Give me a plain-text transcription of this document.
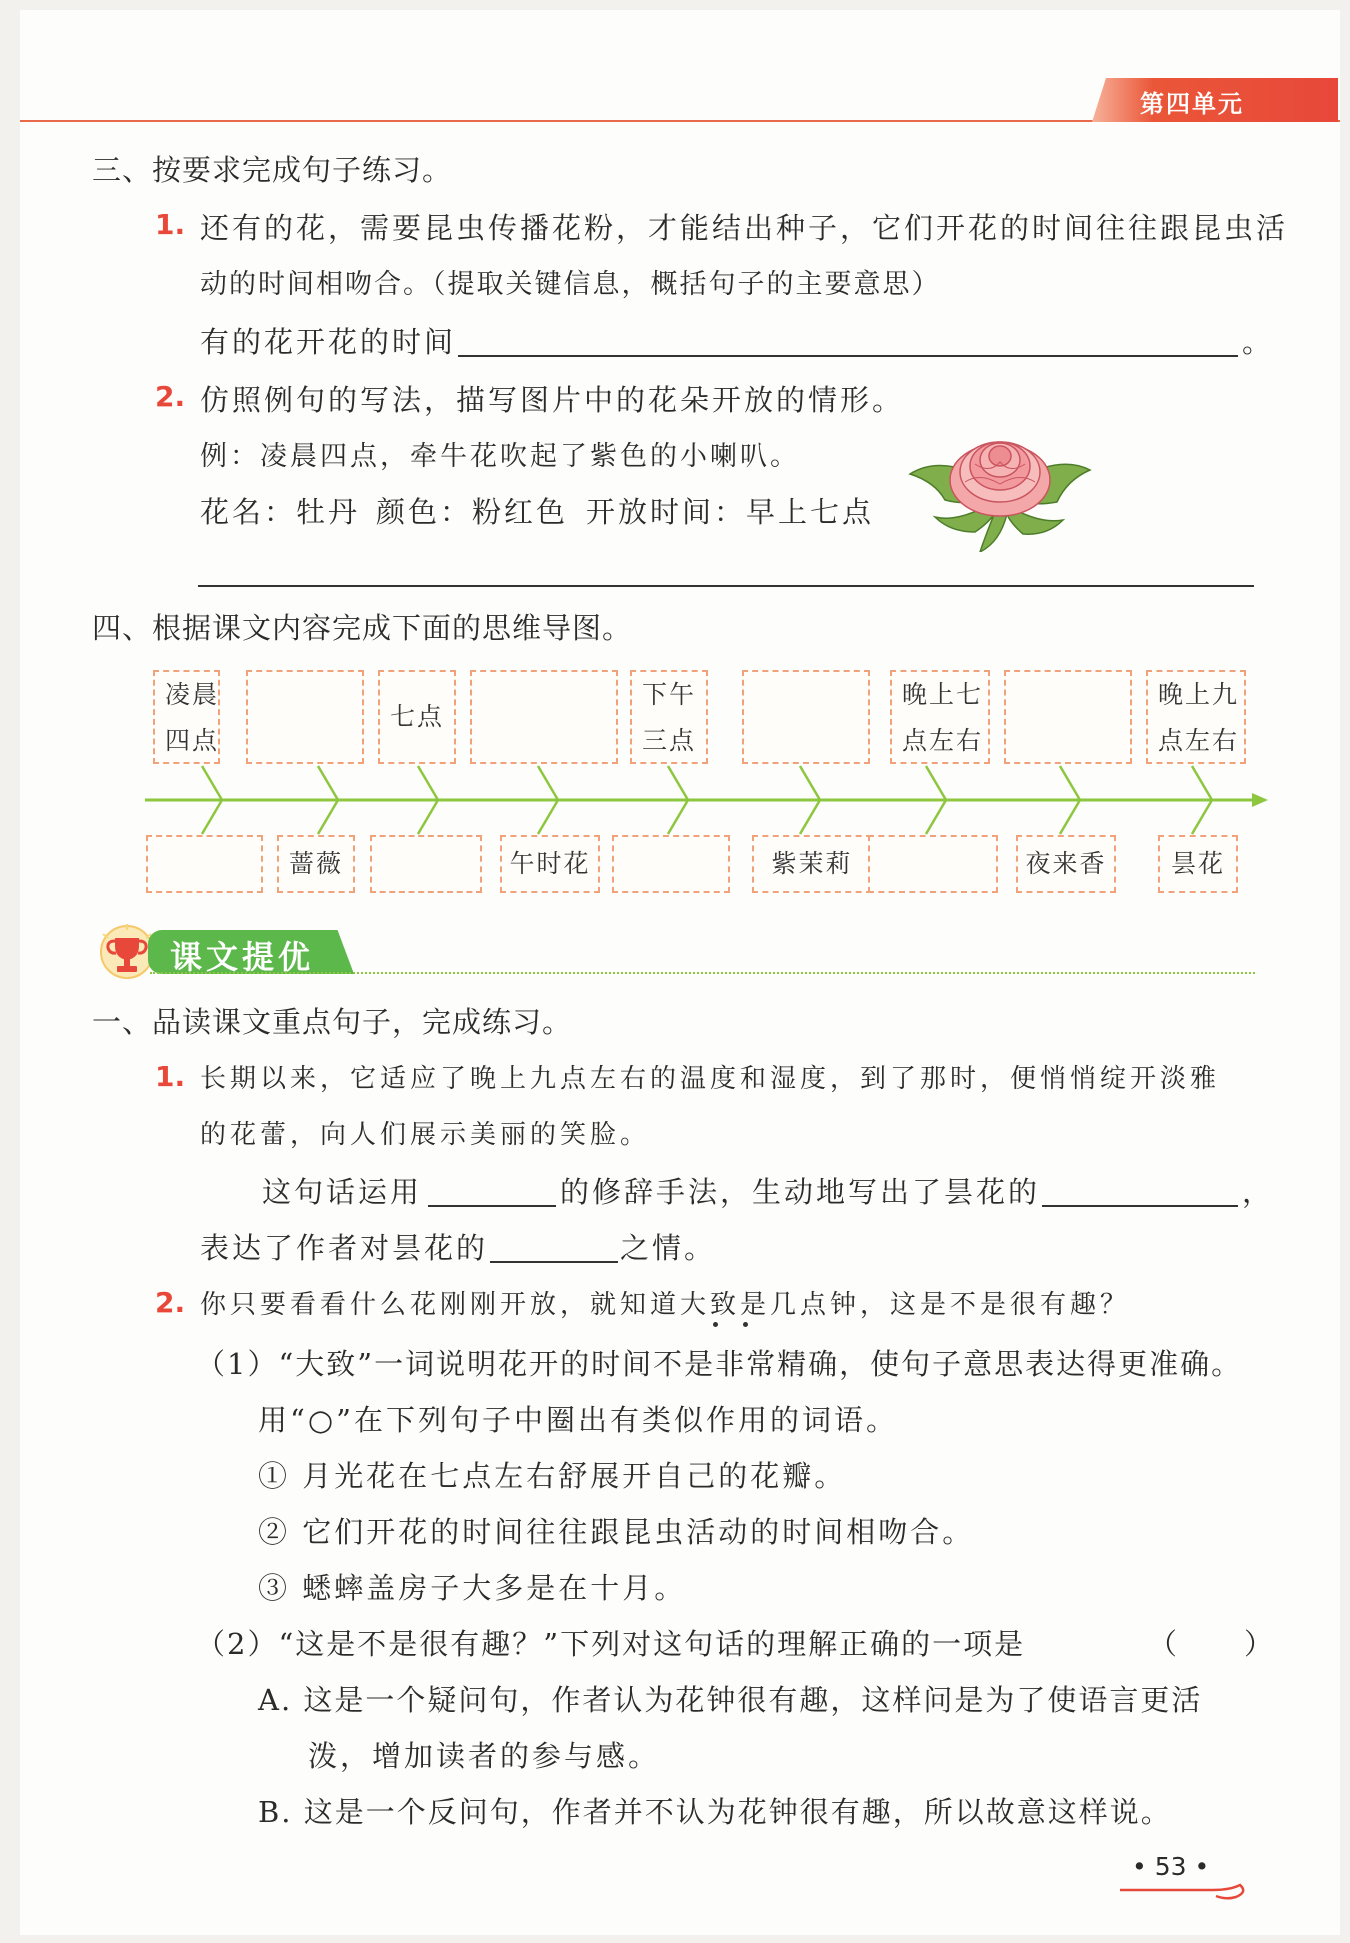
第四单元
三、按要求完成句子练习。
1. 还有的花，需要昆虫传播花粉，才能结出种子，它们开花的时间往往跟昆虫活
动的时间相吻合。（提取关键信息，概括句子的主要意思）
有的花开花的时间	。
2. 仿照例句的写法，描写图片中的花朵开放的情形。
例：凌晨四点，牵牛花吹起了紫色的小喇叭。
花名：牡丹 颜色：粉红色 开放时间：早上七点
四、根据课文内容完成下面的思维导图。
凌晨
四点
七点
下午
三点
晚上七
点左右
晚上九
点左右
蔷薇	午时花	紫茉莉	夜来香	昙花
课文提优
一、品读课文重点句子，完成练习。
1. 长期以来，它适应了晚上九点左右的温度和湿度，到了那时，便悄悄绽开淡雅
的花蕾，向人们展示美丽的笑脸。
这句话运用	的修辞手法，生动地写出了昙花的	，
表达了作者对昙花的	之情。
2. 你只要看看什么花刚刚开放，就知道大致是几点钟，这是不是很有趣？
（1）“大致”一词说明花开的时间不是非常精确，使句子意思表达得更准确。
用“○”在下列句子中圈出有类似作用的词语。
① 月光花在七点左右舒展开自己的花瓣。
② 它们开花的时间往往跟昆虫活动的时间相吻合。
③ 蟋蟀盖房子大多是在十月。
（2）“这是不是很有趣？”下列对这句话的理解正确的一项是	（　　）
A. 这是一个疑问句，作者认为花钟很有趣，这样问是为了使语言更活
泼，增加读者的参与感。
B. 这是一个反问句，作者并不认为花钟很有趣，所以故意这样说。
• 53 •
